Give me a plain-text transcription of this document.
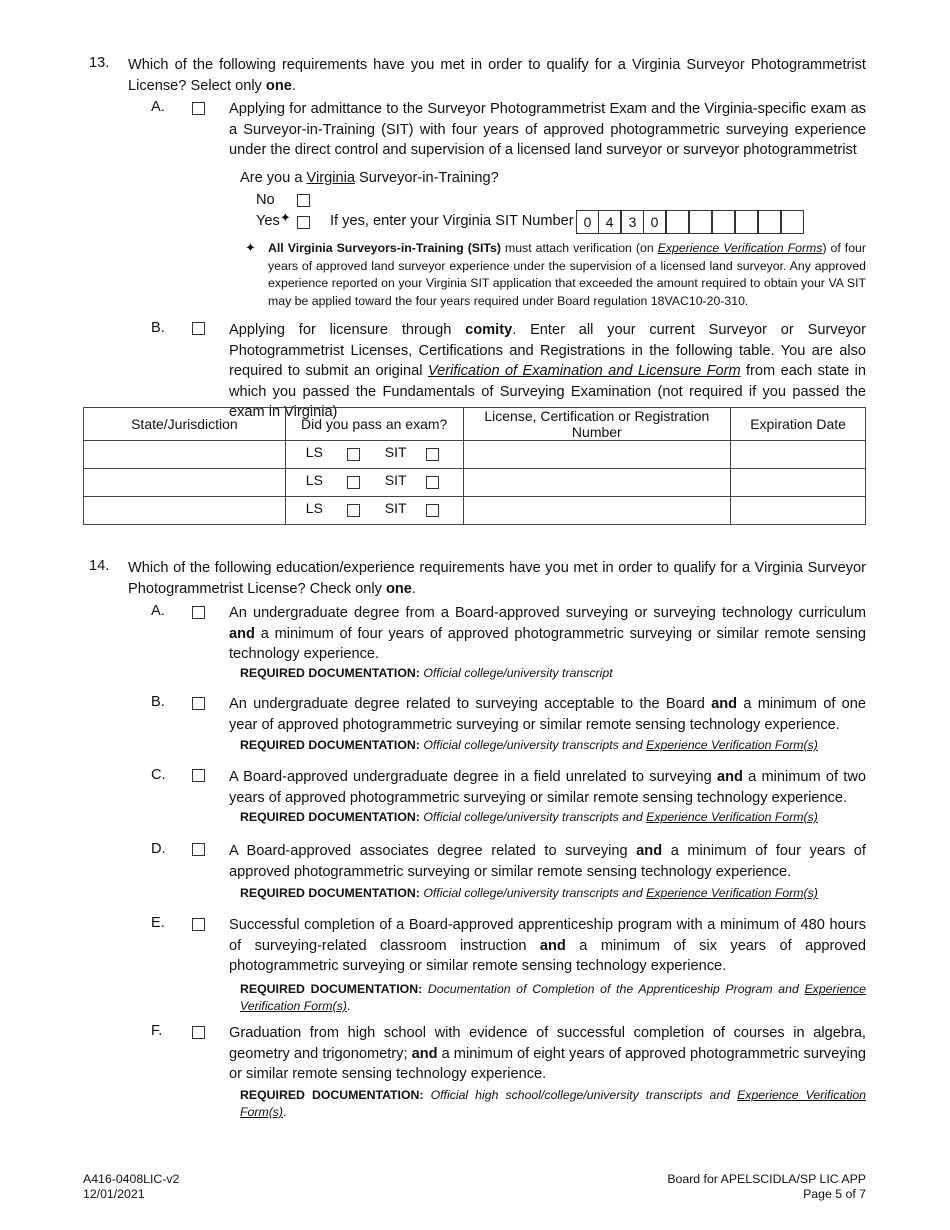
13. Which of the following requirements have you met in order to qualify for a Virginia Surveyor Photogrammetrist License? Select only one.
A.	Applying for admittance to the Surveyor Photogrammetrist Exam and the Virginia-specific exam as a Surveyor-in-Training (SIT) with four years of approved photogrammetric surveying experience under the direct control and supervision of a licensed land surveyor or surveyor photogrammetrist
Are you a Virginia Surveyor-in-Training?
No
Yes✦	If yes, enter your Virginia SIT Number 0	4	3	0
✦ All Virginia Surveyors-in-Training (SITs) must attach verification (on Experience Verification Forms) of four years of approved land surveyor experience under the supervision of a licensed land surveyor. Any approved experience reported on your Virginia SIT application that exceeded the amount required to obtain your VA SIT may be applied toward the four years required under Board regulation 18VAC10-20-310.
B.	Applying for licensure through comity. Enter all your current Surveyor or Surveyor Photogrammetrist Licenses, Certifications and Registrations in the following table. You are also required to submit an original Verification of Examination and Licensure Form from each state in which you passed the Fundamentals of Surveying Examination (not required if you passed the exam in Virginia)
State/Jurisdiction	Did you pass an exam?	License, Certification or Registration Number	Expiration Date

	LS SIT		

	LS SIT		

	LS SIT		

14. Which of the following education/experience requirements have you met in order to qualify for a Virginia Surveyor Photogrammetrist License? Check only one.
A.	An undergraduate degree from a Board-approved surveying or surveying technology curriculum and a minimum of four years of approved photogrammetric surveying or similar remote sensing technology experience.
REQUIRED DOCUMENTATION: Official college/university transcript
B.	An undergraduate degree related to surveying acceptable to the Board and a minimum of one year of approved photogrammetric surveying or similar remote sensing technology experience.
REQUIRED DOCUMENTATION: Official college/university transcripts and Experience Verification Form(s)
C.	A Board-approved undergraduate degree in a field unrelated to surveying and a minimum of two years of approved photogrammetric surveying or similar remote sensing technology experience.
REQUIRED DOCUMENTATION: Official college/university transcripts and Experience Verification Form(s)
D.	A Board-approved associates degree related to surveying and a minimum of four years of approved photogrammetric surveying or similar remote sensing technology experience.
REQUIRED DOCUMENTATION: Official college/university transcripts and Experience Verification Form(s)
E.	Successful completion of a Board-approved apprenticeship program with a minimum of 480 hours of surveying-related classroom instruction and a minimum of six years of approved photogrammetric surveying or similar remote sensing technology experience.
REQUIRED DOCUMENTATION: Documentation of Completion of the Apprenticeship Program and Experience Verification Form(s).
F.	Graduation from high school with evidence of successful completion of courses in algebra, geometry and trigonometry; and a minimum of eight years of approved photogrammetric surveying or similar remote sensing technology experience.
REQUIRED DOCUMENTATION: Official high school/college/university transcripts and Experience Verification Form(s).
A416-0408LIC-v2
12/01/2021
Board for APELSCIDLA/SP LIC APP
Page 5 of 7
